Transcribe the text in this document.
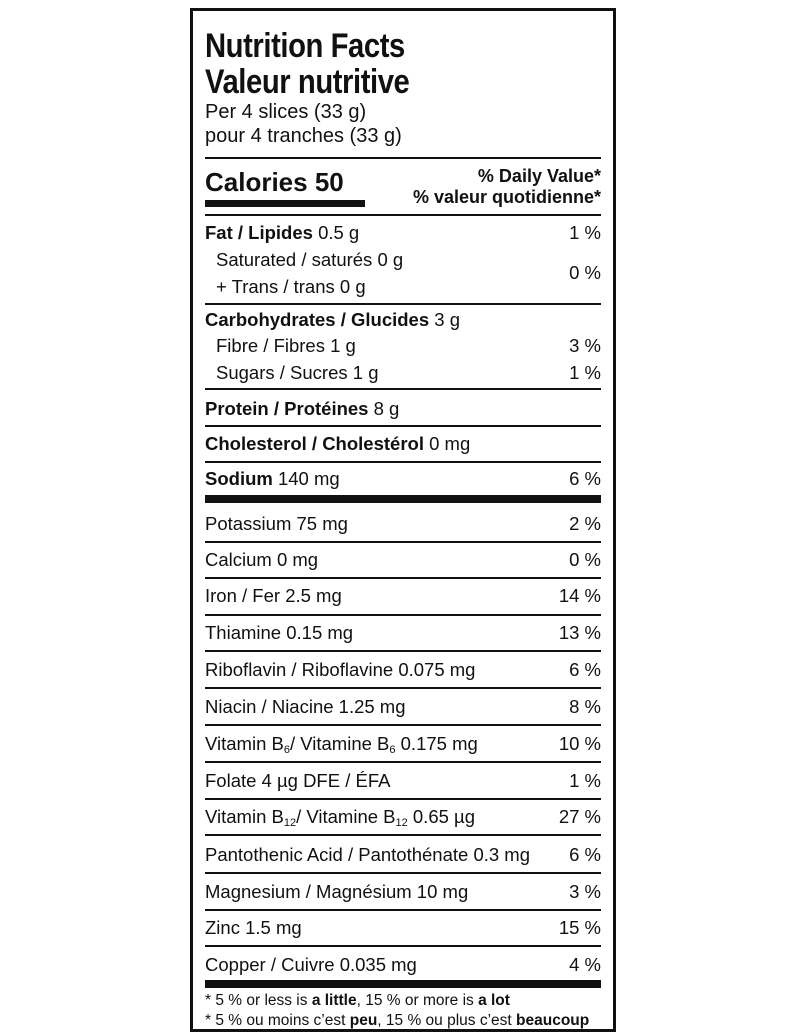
Nutrition Facts
Valeur nutritive
Per 4 slices (33 g)
pour 4 tranches (33 g)
Calories 50	% Daily Value*
% valeur quotidienne*
Fat / Lipides 0.5 g	1 %
Saturated / saturés 0 g
+ Trans / trans 0 g
0 %
Carbohydrates / Glucides 3 g
Fibre / Fibres 1 g	3 %
Sugars / Sucres 1 g	1 %
Protein / Protéines 8 g
Cholesterol / Cholestérol 0 mg
Sodium 140 mg	6 %
Potassium 75 mg	2 %
Calcium 0 mg	0 %
Iron / Fer 2.5 mg	14 %
Thiamine 0.15 mg	13 %
Riboflavin / Riboflavine 0.075 mg	6 %
Niacin / Niacine 1.25 mg	8 %
Vitamin $B_6/$ Vitamine $B_6$ 0.175 mg	10 %
Folate 4 µg DFE / ÉFA	1 %
Vitamin $B_{12}/$ Vitamine $B_{12}$ 0.65 µg	27 %
Pantothenic Acid / Pantothénate 0.3 mg 6 %
Magnesium / Magnésium 10 mg	3 %
Zinc 1.5 mg	15 %
Copper / Cuivre 0.035 mg	4 %
* 5 % or less is a little, 15 % or more is a lot
* 5 % ou moins c’est peu, 15 % ou plus c’est beaucoup
